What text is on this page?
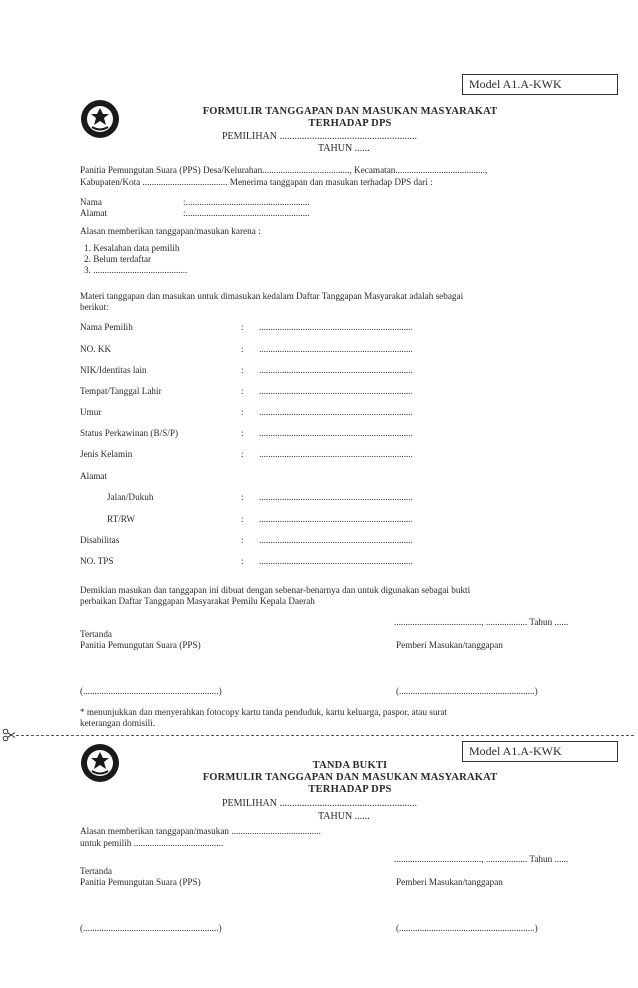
Model A1.A-KWK
FORMULIR TANGGAPAN DAN MASUKAN MASYARAKAT
TERHADAP DPS
PEMILIHAN .......................................................
TAHUN ......
Panitia Pemungutan Suara (PPS) Desa/Kelurahan......................................, Kecamatan.......................................,
Kabupaten/Kota ..................................... Menerima tanggapan dan masukan terhadap DPS dari :
Nama	:......................................................
Alamat	:......................................................
Alasan memberikan tanggapan/masukan karena :
1. Kesalahan data pemilih
2. Belum terdaftar
3. .........................................
Materi tanggapan dan masukan untuk dimasukan kedalam Daftar Tanggapan Masyarakat adalah sebagai
berikut:
Nama Pemilih	: ...................................................................
NO. KK	: ...................................................................
NIK/Identitas lain	: ...................................................................
Tempat/Tanggal Lahir	: ...................................................................
Umur	: ...................................................................
Status Perkawinan (B/S/P)	: ...................................................................
Jenis Kelamin	: ...................................................................
Alamat
Jalan/Dukuh	: ...................................................................
RT/RW	: ...................................................................
Disabilitas	: ...................................................................
NO. TPS	: ...................................................................
Demikian masukan dan tanggapan ini dibuat dengan sebenar-benarnya dan untuk digunakan sebagai bukti
perbaikan Daftar Tanggapan Masyarakat Pemilu Kepala Daerah
......................................, .................. Tahun ......
Tertanda
Panitia Pemungutan Suara (PPS)	Pemberi Masukan/tanggapan
(...........................................................)	(...........................................................)
* menunjukkan dan menyerahkan fotocopy kartu tanda penduduk, kartu keluarga, paspor, atau surat
keterangan domisili.
Model A1.A-KWK
TANDA BUKTI
FORMULIR TANGGAPAN DAN MASUKAN MASYARAKAT
TERHADAP DPS
PEMILIHAN .......................................................
TAHUN ......
Alasan memberikan tanggapan/masukan .......................................
untuk pemilih .......................................
......................................, .................. Tahun ......
Tertanda
Panitia Pemungutan Suara (PPS)	Pemberi Masukan/tanggapan
(...........................................................)	(...........................................................)
